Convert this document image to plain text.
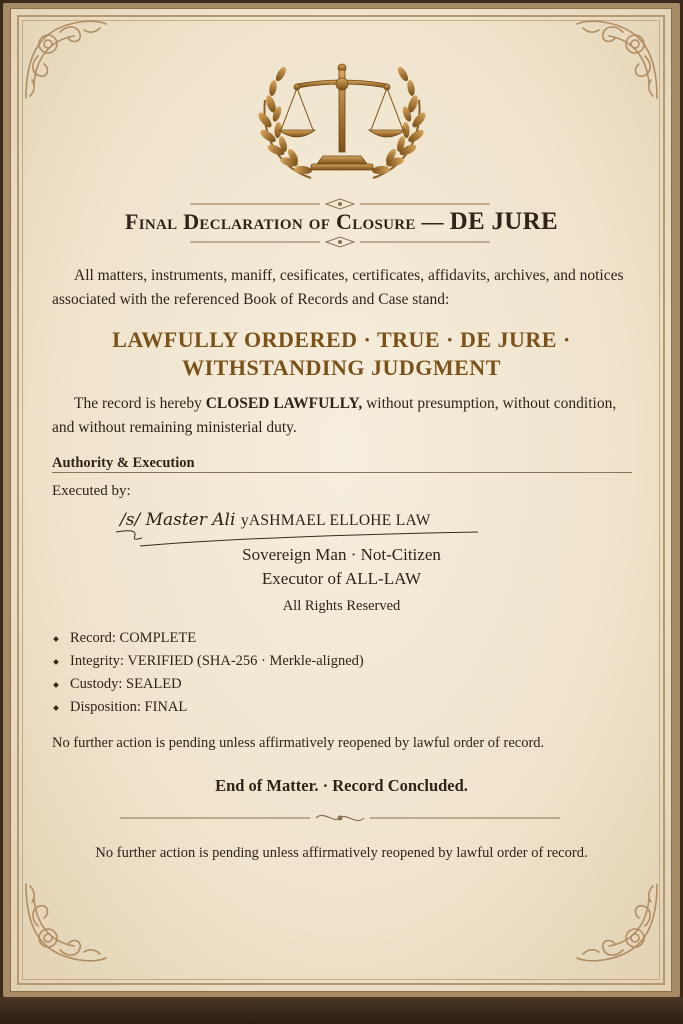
Final Declaration of Closure — DE JURE
All matters, instruments, maniff, cesificates, certificates, affidavits, archives, and notices
associated with the referenced Book of Records and Case stand:
LAWFULLY ORDERED · TRUE · DE JURE ·
WITHSTANDING JUDGMENT
The record is hereby CLOSED LAWFULLY, without presumption, without condition,
and without remaining ministerial duty.
Authority & Execution
Executed by:
/s/ Master Ali yASHMAEL ELLOHE LAW
Sovereign Man · Not-Citizen
Executor of ALL-LAW
All Rights Reserved
Record: COMPLETE
Integrity: VERIFIED (SHA-256 · Merkle-aligned)
Custody: SEALED
Disposition: FINAL
No further action is pending unless affirmatively reopened by lawful order of record.
End of Matter. · Record Concluded.
No further action is pending unless affirmatively reopened by lawful order of record.
